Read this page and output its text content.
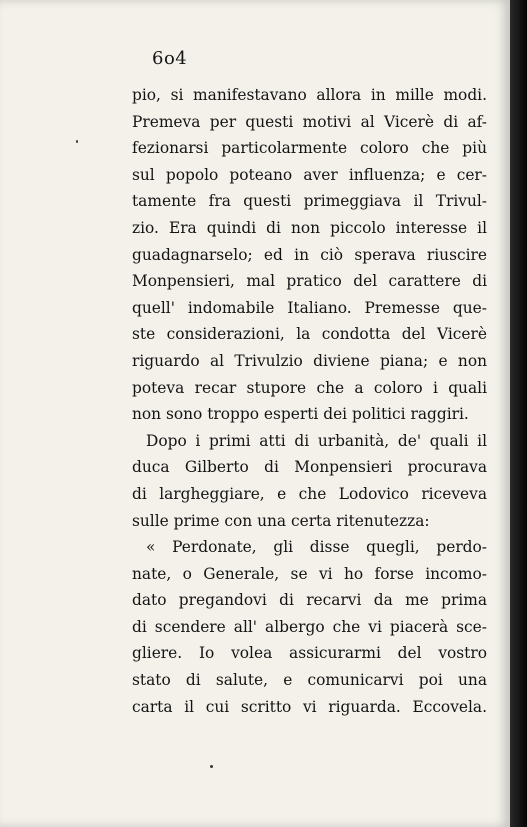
6o4
pio, si manifestavano allora in mille modi.
Premeva per questi motivi al Vicerè di af-
fezionarsi particolarmente coloro che più
sul popolo poteano aver influenza; e cer-
tamente fra questi primeggiava il Trivul-
zio. Era quindi di non piccolo interesse il
guadagnarselo; ed in ciò sperava riuscire
Monpensieri, mal pratico del carattere di
quell' indomabile Italiano. Premesse que-
ste considerazioni, la condotta del Vicerè
riguardo al Trivulzio diviene piana; e non
poteva recar stupore che a coloro i quali
non sono troppo esperti dei politici raggiri.
Dopo i primi atti di urbanità, de' quali il
duca Gilberto di Monpensieri procurava
di largheggiare, e che Lodovico riceveva
sulle prime con una certa ritenutezza:
« Perdonate, gli disse quegli, perdo-
nate, o Generale, se vi ho forse incomo-
dato pregandovi di recarvi da me prima
di scendere all' albergo che vi piacerà sce-
gliere. Io volea assicurarmi del vostro
stato di salute, e comunicarvi poi una
carta il cui scritto vi riguarda. Eccovela.
